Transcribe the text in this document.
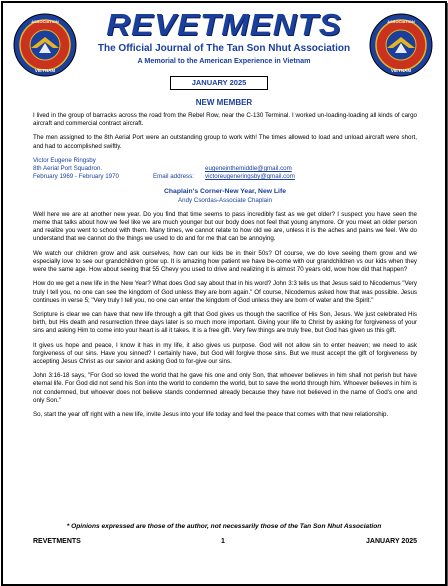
ASSOCIATION
VIETNAM
ASSOCIATION
VIETNAM
REVETMENTS
The Official Journal of The Tan Son Nhut Association
A Memorial to the American Experience in Vietnam
JANUARY 2025
NEW MEMBER

I lived in the group of barracks across the road from the Rebel Row, near the C-130 Terminal. I worked un-loading-loading all kinds of cargo aircraft and commercial contract aircraft.

The men assigned to the 8th Aerial Port were an outstanding group to work with! The times allowed to load and unload aircraft were short, and had to accomplished swiftly.

Victor Eugene Ringsby
8th Aerial Port Squadron.	eugeneinthemiddle@gmail.com
February 1969 - February 1970	Email address: victoreugeneringsby@gmail.com
Chaplain's Corner-New Year, New Life
Andy Csordas-Associate Chaplain

Well here we are at another new year. Do you find that time seems to pass incredibly fast as we get older? I suspect you have seen the meme that talks about how we feel like we are much younger but our body does not feel that young anymore. Or you meet an older person and realize you went to school with them. Many times, we cannot relate to how old we are, unless it is the aches and pains we feel. We do understand that we cannot do the things we used to do and for me that can be annoying.

We watch our children grow and ask ourselves, how can our kids be in their 50s? Of course, we do love seeing them grow and we especially love to see our grandchildren grow up. It is amazing how patient we have be-come with our grandchildren vs our kids when they were the same age. How about seeing that 55 Chevy you used to drive and realizing it is almost 70 years old, wow how did that happen?

How do we get a new life in the New Year? What does God say about that in his word? John 3:3 tells us that Jesus said to Nicodemus "Very truly I tell you, no one can see the kingdom of God unless they are born again." Of course, Nicodemus asked how that was possible. Jesus continues in verse 5; "Very truly I tell you, no one can enter the kingdom of God unless they are born of water and the Spirit."

Scripture is clear we can have that new life through a gift that God gives us though the sacrifice of His Son, Jesus. We just celebrated His birth, but His death and resurrection three days later is so much more important. Giving your life to Christ by asking for forgiveness of your sins and asking Him to come into your heart is all it takes. It is a free gift. Very few things are truly free, but God has given us this gift.

It gives us hope and peace, I know it has in my life, it also gives us purpose. God will not allow sin to enter heaven; we need to ask forgiveness of our sins. Have you sinned? I certainly have, but God will forgive those sins. But we must accept the gift of forgiveness by accepting Jesus Christ as our savior and asking God to for-give our sins.

John 3:16-18 says, "For God so loved the world that he gave his one and only Son, that whoever believes in him shall not perish but have eternal life. For God did not send his Son into the world to condemn the world, but to save the world through him. Whoever believes in him is not condemned, but whoever does not believe stands condemned already because they have not believed in the name of God's one and only Son."

So, start the year off right with a new life, invite Jesus into your life today and feel the peace that comes with that new relationship.

* Opinions expressed are those of the author, not necessarily those of the Tan Son Nhut Association
REVETMENTS	1	JANUARY 2025
